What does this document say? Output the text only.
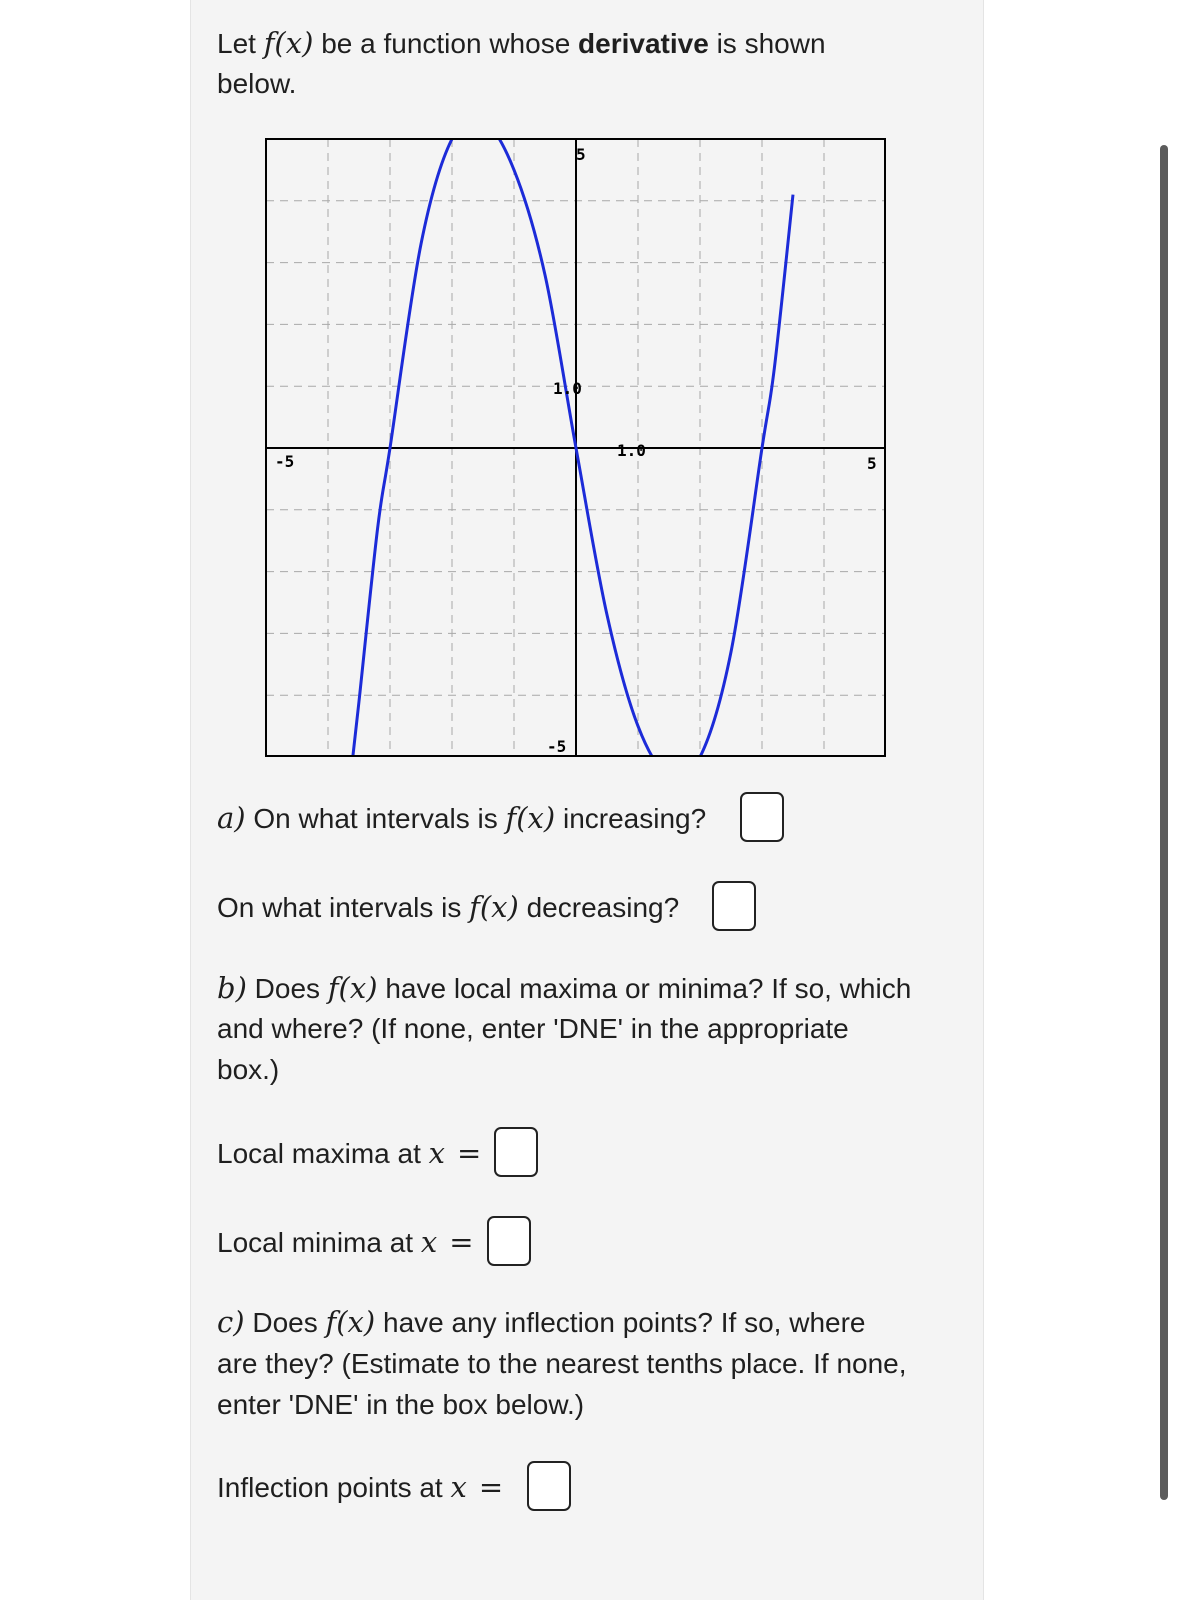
Let f(x) be a function whose derivative is shown
below.
-5	5
5
-5
1.0
1.0
a) On what intervals is f(x) increasing?
On what intervals is f(x) decreasing?
b) Does f(x) have local maxima or minima? If so, which
and where? (If none, enter 'DNE' in the appropriate
box.)
Local maxima at x =
Local minima at x =
c) Does f(x) have any inflection points? If so, where
are they? (Estimate to the nearest tenths place. If none,
enter 'DNE' in the box below.)
Inflection points at x =
